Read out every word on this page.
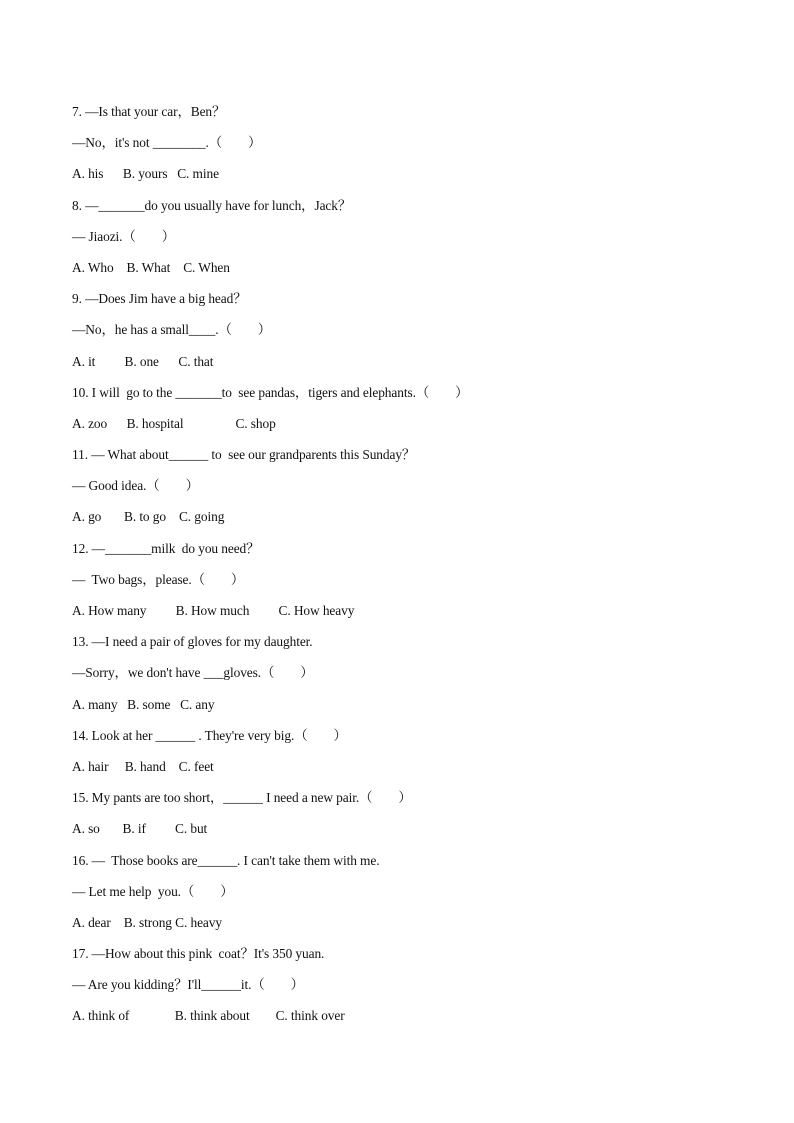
7. —Is that your car，Ben？
—No，it's not ________.（        ）
A. his      B. yours   C. mine
8. —_______do you usually have for lunch，Jack？
— Jiaozi.（        ）
A. Who    B. What    C. When
9. —Does Jim have a big head？
—No，he has a small____.（        ）
A. it         B. one      C. that
10. I will  go to the _______to  see pandas，tigers and elephants.（        ）
A. zoo      B. hospital                C. shop
11. — What about______ to  see our grandparents this Sunday？
— Good idea.（        ）
A. go       B. to go    C. going
12. —_______milk  do you need？
—  Two bags，please.（        ）
A. How many         B. How much         C. How heavy
13. —I need a pair of gloves for my daughter.
—Sorry，we don't have ___gloves.（        ）
A. many   B. some   C. any
14. Look at her ______ . They're very big.（        ）
A. hair     B. hand    C. feet
15. My pants are too short，______ I need a new pair.（        ）
A. so       B. if         C. but
16. —  Those books are______. I can't take them with me.
— Let me help  you.（        ）
A. dear    B. strong C. heavy
17. —How about this pink  coat？It's 350 yuan.
— Are you kidding？I'll______it.（        ）
A. think of              B. think about        C. think over
